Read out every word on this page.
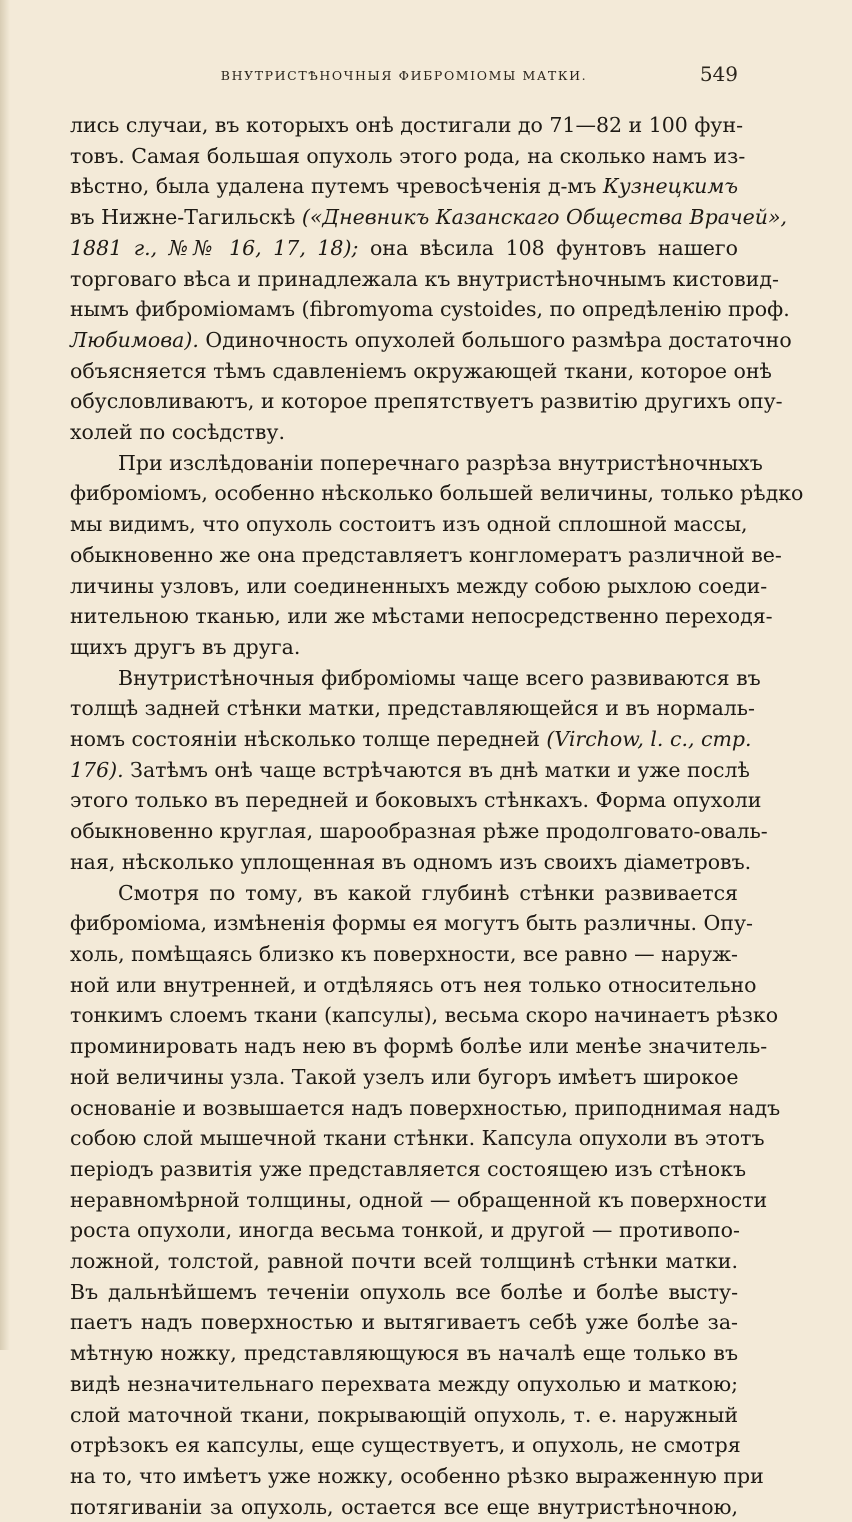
ВНУТРИСТѢНОЧНЫЯ ФИБРОМІОМЫ МАТКИ.	549
лись случаи, въ которыхъ онѣ достигали до 71—82 и 100 фун-
товъ. Самая большая опухоль этого рода, на сколько намъ из-
вѣстно, была удалена путемъ чревосѣченія д-мъ Кузнецкимъ
въ Нижне-Тагильскѣ («Дневникъ Казанскаго Общества Врачей»,
1881 г., №№ 16, 17, 18); она вѣсила 108 фунтовъ нашего
торговаго вѣса и принадлежала къ внутристѣночнымъ кистовид-
нымъ фиброміомамъ (fibromyoma cystoides, по опредѣленію проф.
Любимова). Одиночность опухолей большого размѣра достаточно
объясняется тѣмъ сдавленіемъ окружающей ткани, которое онѣ
обусловливаютъ, и которое препятствуетъ развитію другихъ опу-
холей по сосѣдству.
При изслѣдованіи поперечнаго разрѣза внутристѣночныхъ
фиброміомъ, особенно нѣсколько большей величины, только рѣдко
мы видимъ, что опухоль состоитъ изъ одной сплошной массы,
обыкновенно же она представляетъ конгломератъ различной ве-
личины узловъ, или соединенныхъ между собою рыхлою соеди-
нительною тканью, или же мѣстами непосредственно переходя-
щихъ другъ въ друга.
Внутристѣночныя фиброміомы чаще всего развиваются въ
толщѣ задней стѣнки матки, представляющейся и въ нормаль-
номъ состояніи нѣсколько толще передней (Virchow, l. c., стр.
176). Затѣмъ онѣ чаще встрѣчаются въ днѣ матки и уже послѣ
этого только въ передней и боковыхъ стѣнкахъ. Форма опухоли
обыкновенно круглая, шарообразная рѣже продолговато-оваль-
ная, нѣсколько уплощенная въ одномъ изъ своихъ діаметровъ.
Смотря по тому, въ какой глубинѣ стѣнки развивается
фиброміома, измѣненія формы ея могутъ быть различны. Опу-
холь, помѣщаясь близко къ поверхности, все равно — наруж-
ной или внутренней, и отдѣляясь отъ нея только относительно
тонкимъ слоемъ ткани (капсулы), весьма скоро начинаетъ рѣзко
проминировать надъ нею въ формѣ болѣе или менѣе значитель-
ной величины узла. Такой узелъ или бугоръ имѣетъ широкое
основаніе и возвышается надъ поверхностью, приподнимая надъ
собою слой мышечной ткани стѣнки. Капсула опухоли въ этотъ
періодъ развитія уже представляется состоящею изъ стѣнокъ
неравномѣрной толщины, одной — обращенной къ поверхности
роста опухоли, иногда весьма тонкой, и другой — противопо-
ложной, толстой, равной почти всей толщинѣ стѣнки матки.
Въ дальнѣйшемъ теченіи опухоль все болѣе и болѣе высту-
паетъ надъ поверхностью и вытягиваетъ себѣ уже болѣе за-
мѣтную ножку, представляющуюся въ началѣ еще только въ
видѣ незначительнаго перехвата между опухолью и маткою;
слой маточной ткани, покрывающій опухоль, т. е. наружный
отрѣзокъ ея капсулы, еще существуетъ, и опухоль, не смотря
на то, что имѣетъ уже ножку, особенно рѣзко выраженную при
потягиваніи за опухоль, остается все еще внутристѣночною,
